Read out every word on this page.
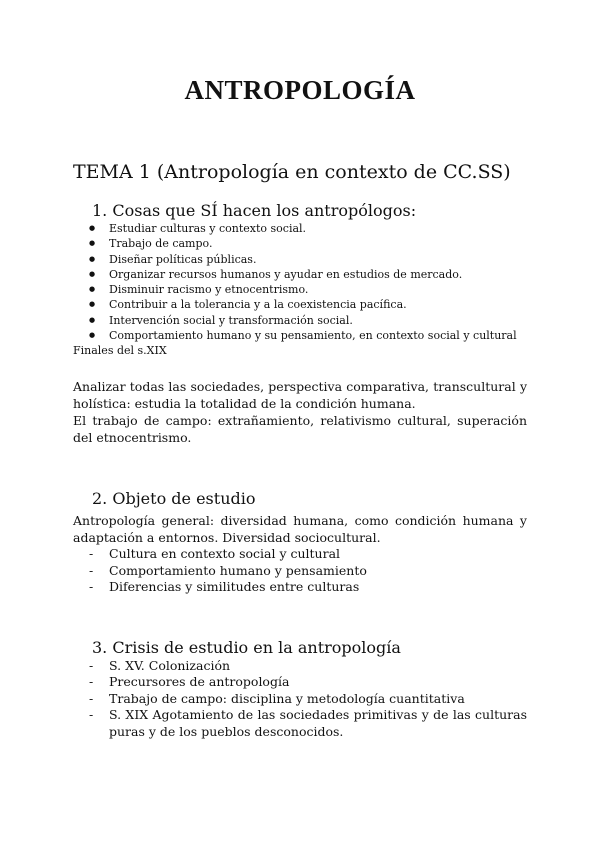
ANTROPOLOGÍA
TEMA 1 (Antropología en contexto de CC.SS)
1. Cosas que SÍ hacen los antropólogos:
● Estudiar culturas y contexto social.
● Trabajo de campo.
● Diseñar políticas públicas.
● Organizar recursos humanos y ayudar en estudios de mercado.
● Disminuir racismo y etnocentrismo.
● Contribuir a la tolerancia y a la coexistencia pacífica.
● Intervención social y transformación social.
● Comportamiento humano y su pensamiento, en contexto social y cultural

Finales del s.XIX

Analizar todas las sociedades, perspectiva comparativa, transcultural y holística: estudia la totalidad de la condición humana.

El trabajo de campo: extrañamiento, relativismo cultural, superación del etnocentrismo.

2. Objeto de estudio

Antropología general: diversidad humana, como condición humana y adaptación a entornos. Diversidad sociocultural.

- Cultura en contexto social y cultural
- Comportamiento humano y pensamiento
- Diferencias y similitudes entre culturas
3. Crisis de estudio en la antropología
- S. XV. Colonización
- Precursores de antropología
- Trabajo de campo: disciplina y metodología cuantitativa
- S. XIX Agotamiento de las sociedades primitivas y de las culturas puras y de los pueblos desconocidos.
